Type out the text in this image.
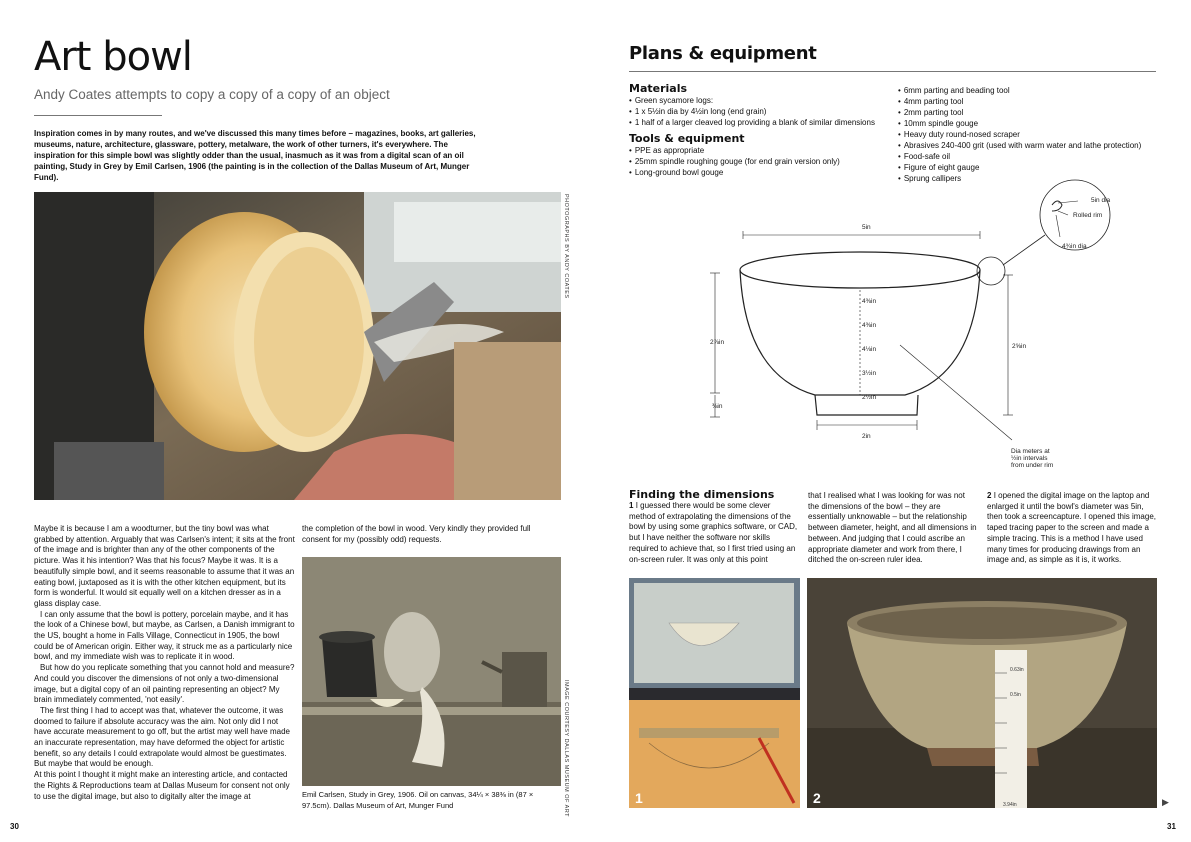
Art bowl
Andy Coates attempts to copy a copy of a copy of an object
Inspiration comes in by many routes, and we've discussed this many times before – magazines, books, art galleries, museums, nature, architecture, glassware, pottery, metalware, the work of other turners, it's everywhere. The inspiration for this simple bowl was slightly odder than the usual, inasmuch as it was from a digital scan of an oil painting, Study in Grey by Emil Carlsen, 1906 (the painting is in the collection of the Dallas Museum of Art, Munger Fund).
PHOTOGRAPHS BY ANDY COATES

Maybe it is because I am a woodturner, but the tiny bowl was what grabbed by attention. Arguably that was Carlsen's intent; it sits at the front of the image and is brighter than any of the other components of the picture. Was it his intention? Was that his focus? Maybe it was. It is a beautifully simple bowl, and it seems reasonable to assume that it was an eating bowl, juxtaposed as it is with the other kitchen equipment, but its form is wonderful. It would sit equally well on a kitchen dresser as in a glass display case.

I can only assume that the bowl is pottery, porcelain maybe, and it has the look of a Chinese bowl, but maybe, as Carlsen, a Danish immigrant to the US, bought a home in Falls Village, Connecticut in 1905, the bowl could be of American origin. Either way, it struck me as a particularly nice bowl, and my immediate wish was to replicate it in wood.

But how do you replicate something that you cannot hold and measure? And could you discover the dimensions of not only a two-dimensional image, but a digital copy of an oil painting representing an object? My brain immediately commented, 'not easily'.

The first thing I had to accept was that, whatever the outcome, it was doomed to failure if absolute accuracy was the aim. Not only did I not have accurate measurement to go off, but the artist may well have made an inaccurate representation, may have deformed the object for artistic benefit, so any details I could extrapolate would almost be guestimates. But maybe that would be enough.

At this point I thought it might make an interesting article, and contacted the Rights & Reproductions team at Dallas Museum for consent not only to use the digital image, but also to digitally alter the image at

the completion of the bowl in wood. Very kindly they provided full consent for my (possibly odd) requests.
IMAGE COURTESY DALLAS MUSEUM OF ART
Emil Carlsen, Study in Grey, 1906. Oil on canvas, 34¼ × 38⅜ in (87 × 97.5cm). Dallas Museum of Art, Munger Fund
30
Plans & equipment
Materials
• Green sycamore logs:
• 1 x 5½in dia by 4½in long (end grain)
• 1 half of a larger cleaved log providing a blank of similar dimensions
Tools & equipment
• PPE as appropriate
• 25mm spindle roughing gouge (for end grain version only)
• Long-ground bowl gouge
• 6mm parting and beading tool
• 4mm parting tool
• 2mm parting tool
• 10mm spindle gouge
• Heavy duty round-nosed scraper
• Abrasives 240-400 grit (used with warm water and lathe protection)
• Food-safe oil
• Figure of eight gauge
• Sprung callipers
5in
5in dia
Rolled rim
4¾in dia
4⅜in
4⅜in
4⅛in
3½in
2½in
2⅞in
⅜in
2⅝in
2in
Dia meters at
½in intervals
from under rim
Finding the dimensions
1 I guessed there would be some clever method of extrapolating the dimensions of the bowl by using some graphics software, or CAD, but I have neither the software nor skills required to achieve that, so I first tried using an on-screen ruler. It was only at this point
that I realised what I was looking for was not the dimensions of the bowl – they are essentially unknowable – but the relationship between diameter, height, and all dimensions in between. And judging that I could ascribe an appropriate diameter and work from there, I ditched the on-screen ruler idea.
2 I opened the digital image on the laptop and enlarged it until the bowl's diameter was 5in, then took a screencapture. I opened this image, taped tracing paper to the screen and made a simple tracing. This is a method I have used many times for producing drawings from an image and, as simple as it is, it works.
1
0.63in
0.5in
3.94in
2	▶
31
